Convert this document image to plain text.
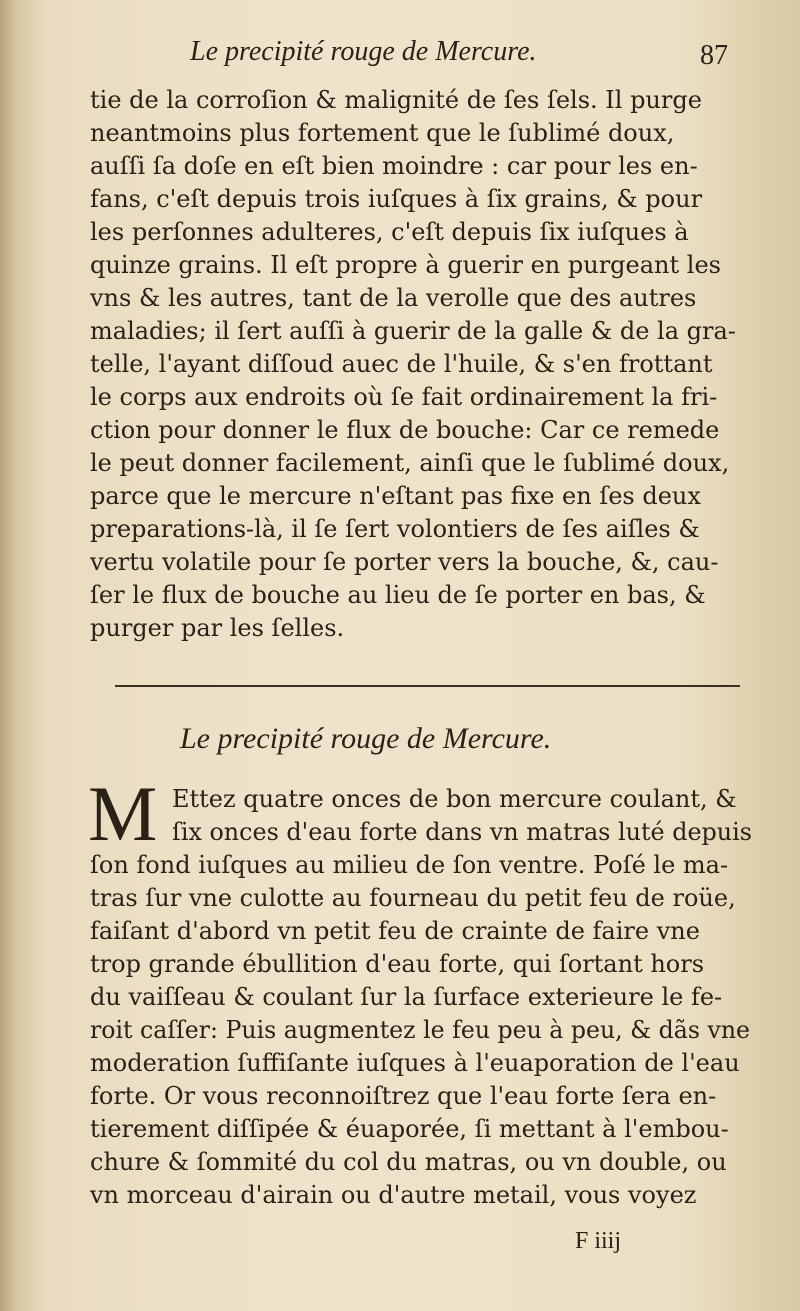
Le precipité rouge de Mercure.	87
tie de la corroſion & malignité de ſes ſels. Il purge
neantmoins plus fortement que le ſublimé doux,
auſſi ſa doſe en eſt bien moindre : car pour les en-
fans, c'eſt depuis trois iuſques à ſix grains, & pour
les perſonnes adulteres, c'eſt depuis ſix iuſques à
quinze grains. Il eſt propre à guerir en purgeant les
vns & les autres, tant de la verolle que des autres
maladies; il ſert auſſi à guerir de la galle & de la gra-
telle, l'ayant diſſoud auec de l'huile, & s'en frottant
le corps aux endroits où ſe fait ordinairement la fri-
ction pour donner le flux de bouche: Car ce remede
le peut donner facilement, ainſi que le ſublimé doux,
parce que le mercure n'eſtant pas fixe en ſes deux
preparations-là, il ſe ſert volontiers de ſes aiſles &
vertu volatile pour ſe porter vers la bouche, &, cau-
ſer le flux de bouche au lieu de ſe porter en bas, &
purger par les ſelles.
Le precipité rouge de Mercure.
M Ettez quatre onces de bon mercure coulant, &
ſix onces d'eau forte dans vn matras luté depuis
ſon fond iuſques au milieu de ſon ventre. Poſé le ma-
tras ſur vne culotte au fourneau du petit feu de roüe,
faiſant d'abord vn petit feu de crainte de faire vne
trop grande ébullition d'eau forte, qui ſortant hors
du vaiſſeau & coulant ſur la ſurface exterieure le fe-
roit caſſer: Puis augmentez le feu peu à peu, & dãs vne
moderation ſuffiſante iuſques à l'euaporation de l'eau
forte. Or vous reconnoiſtrez que l'eau forte ſera en-
tierement diſſipée & éuaporée, ſi mettant à l'embou-
chure & ſommité du col du matras, ou vn double, ou
vn morceau d'airain ou d'autre metail, vous voyez
F iiij
